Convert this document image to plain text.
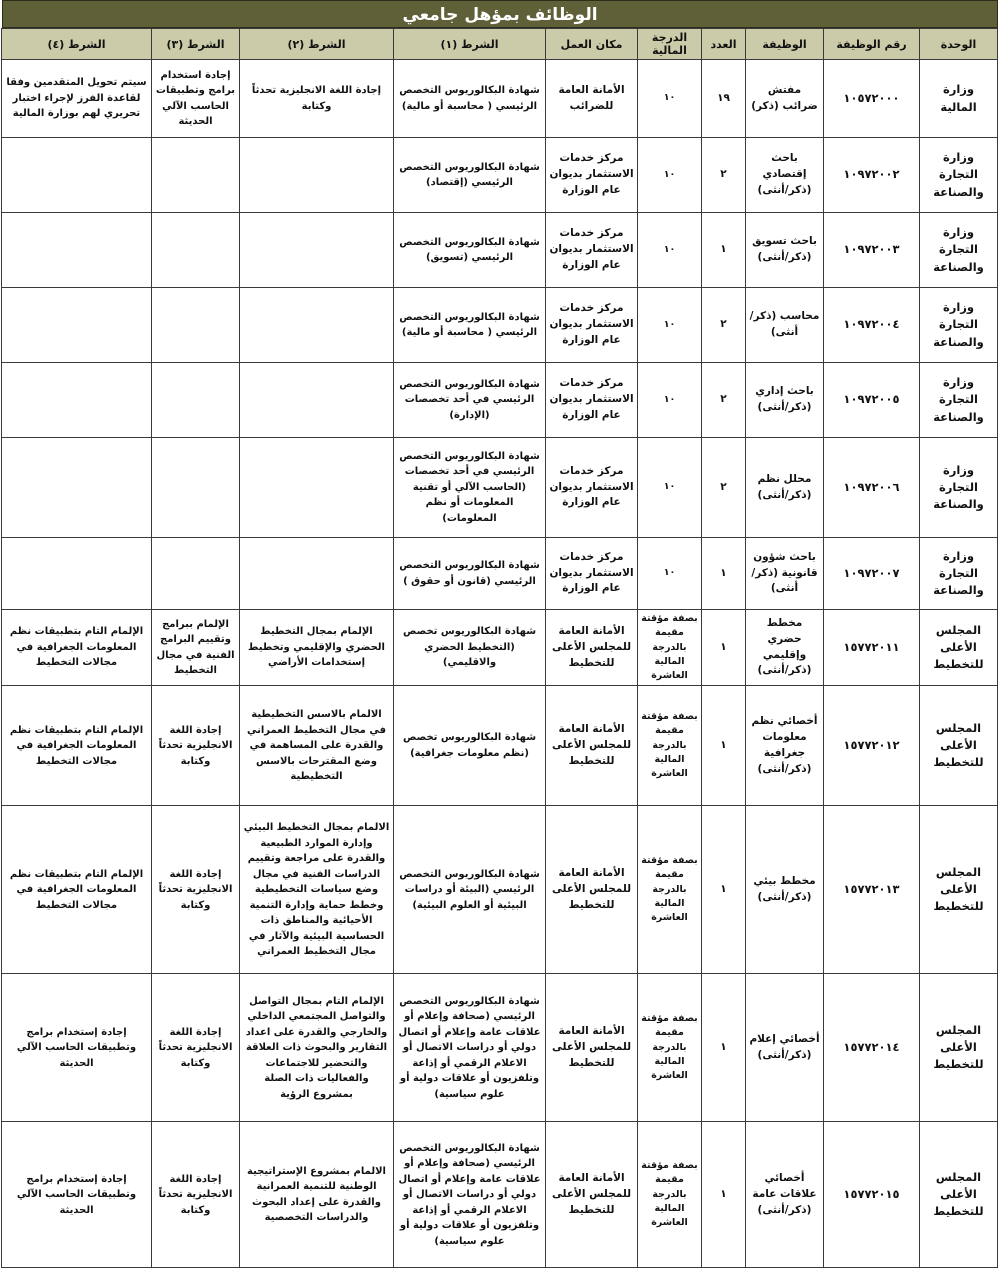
الوظائف بمؤهل جامعي
الوحدة	رقم الوظيفة	الوظيفة	العدد	الدرجة المالية	مكان العمل	الشرط (١)	الشرط (٢)	الشرط (٣)	الشرط (٤)
وزارة المالية	١٠٥٧٢٠٠٠	مفتش ضرائب (ذكر)	١٩	١٠	الأمانة العامة للضرائب	شهادة البكالوريوس التخصص الرئيسي ( محاسبة أو مالية)	إجادة اللغة الانجليزية تحدثاً وكتابة	إجادة استخدام برامج وتطبيقات الحاسب الآلي الحديثة	سيتم تحويل المتقدمين وفقا لقاعدة الفرز لإجراء اختبار تحريري لهم بوزارة المالية
وزارة التجارة والصناعة	١٠٩٧٢٠٠٢	باحث إقتصادي (ذكر/أنثى)	٢	١٠	مركز خدمات الاستثمار بديوان عام الوزارة	شهادة البكالوريوس التخصص الرئيسي (إقتصاد)			
وزارة التجارة والصناعة	١٠٩٧٢٠٠٣	باحث تسويق (ذكر/أنثى)	١	١٠	مركز خدمات الاستثمار بديوان عام الوزارة	شهادة البكالوريوس التخصص الرئيسي (تسويق)			
وزارة التجارة والصناعة	١٠٩٧٢٠٠٤	محاسب (ذكر/أنثى)	٢	١٠	مركز خدمات الاستثمار بديوان عام الوزارة	شهادة البكالوريوس التخصص الرئيسي ( محاسبة أو مالية)			
وزارة التجارة والصناعة	١٠٩٧٢٠٠٥	باحث إداري (ذكر/أنثى)	٢	١٠	مركز خدمات الاستثمار بديوان عام الوزارة	شهادة البكالوريوس التخصص الرئيسي في أحد تخصصات (الإدارة)			
وزارة التجارة والصناعة	١٠٩٧٢٠٠٦	محلل نظم (ذكر/أنثى)	٢	١٠	مركز خدمات الاستثمار بديوان عام الوزارة	شهادة البكالوريوس التخصص الرئيسي في أحد تخصصات (الحاسب الآلي أو تقنية المعلومات أو نظم المعلومات)			
وزارة التجارة والصناعة	١٠٩٧٢٠٠٧	باحث شؤون قانونية (ذكر/أنثى)	١	١٠	مركز خدمات الاستثمار بديوان عام الوزارة	شهادة البكالوريوس التخصص الرئيسي (قانون أو حقوق )			
المجلس الأعلى للتخطيط	١٥٧٧٢٠١١	مخطط حضري وإقليمي (ذكر/أنثى)	١	بصفة مؤقتة مقيمة بالدرجة المالية العاشرة	الأمانة العامة للمجلس الأعلى للتخطيط	شهادة البكالوريوس تخصص (التخطيط الحضري والاقليمي)	الإلمام بمجال التخطيط الحضري والإقليمي وتخطيط إستخدامات الأراضي	الإلمام ببرامج وتقييم البرامج الفنية في مجال التخطيط	الإلمام التام بتطبيقات نظم المعلومات الجغرافية في مجالات التخطيط
المجلس الأعلى للتخطيط	١٥٧٧٢٠١٢	أخصائي نظم معلومات جغرافية (ذكر/أنثى)	١	بصفة مؤقتة مقيمة بالدرجة المالية العاشرة	الأمانة العامة للمجلس الأعلى للتخطيط	شهادة البكالوريوس تخصص (نظم معلومات جغرافية)	الالمام بالاسس التخطيطية في مجال التخطيط العمراني والقدرة على المساهمة في وضع المقترحات بالاسس التخطيطية	إجادة اللغة الانجليزية تحدثاً وكتابة	الإلمام التام بتطبيقات نظم المعلومات الجغرافية في مجالات التخطيط
المجلس الأعلى للتخطيط	١٥٧٧٢٠١٣	مخطط بيئي (ذكر/أنثى)	١	بصفة مؤقتة مقيمة بالدرجة المالية العاشرة	الأمانة العامة للمجلس الأعلى للتخطيط	شهادة البكالوريوس التخصص الرئيسي (البيئة أو دراسات البيئية أو العلوم البيئية)	الالمام بمجال التخطيط البيئي وإدارة الموارد الطبيعية والقدرة على مراجعة وتقييم الدراسات الفنية في مجال وضع سياسات التخطيطية وخطط حماية وإدارة التنمية الأحيائية والمناطق ذات الحساسية البيئية والآثار في مجال التخطيط العمراني	إجادة اللغة الانجليزية تحدثاً وكتابة	الإلمام التام بتطبيقات نظم المعلومات الجغرافية في مجالات التخطيط
المجلس الأعلى للتخطيط	١٥٧٧٢٠١٤	أخصائي إعلام (ذكر/أنثى)	١	بصفة مؤقتة مقيمة بالدرجة المالية العاشرة	الأمانة العامة للمجلس الأعلى للتخطيط	شهادة البكالوريوس التخصص الرئيسي (صحافة وإعلام أو علاقات عامة وإعلام أو اتصال دولي أو دراسات الاتصال أو الاعلام الرقمي أو إذاعة وتلفزيون أو علاقات دولية أو علوم سياسية)	الإلمام التام بمجال التواصل والتواصل المجتمعي الداخلي والخارجي والقدرة على اعداد التقارير والبحوث ذات العلاقة والتحضير للاجتماعات والفعاليات ذات الصلة بمشروع الرؤية	إجادة اللغة الانجليزية تحدثاً وكتابة	إجادة إستخدام برامج وتطبيقات الحاسب الآلي الحديثة
المجلس الأعلى للتخطيط	١٥٧٧٢٠١٥	أخصائي علاقات عامة (ذكر/أنثى)	١	بصفة مؤقتة مقيمة بالدرجة المالية العاشرة	الأمانة العامة للمجلس الأعلى للتخطيط	شهادة البكالوريوس التخصص الرئيسي (صحافة وإعلام أو علاقات عامة وإعلام أو اتصال دولي أو دراسات الاتصال أو الاعلام الرقمي أو إذاعة وتلفزيون أو علاقات دولية أو علوم سياسية)	الالمام بمشروع الإستراتيجية الوطنية للتنمية العمرانية والقدرة على إعداد البحوث والدراسات التخصصية	إجادة اللغة الانجليزية تحدثاً وكتابة	إجادة إستخدام برامج وتطبيقات الحاسب الآلي الحديثة
